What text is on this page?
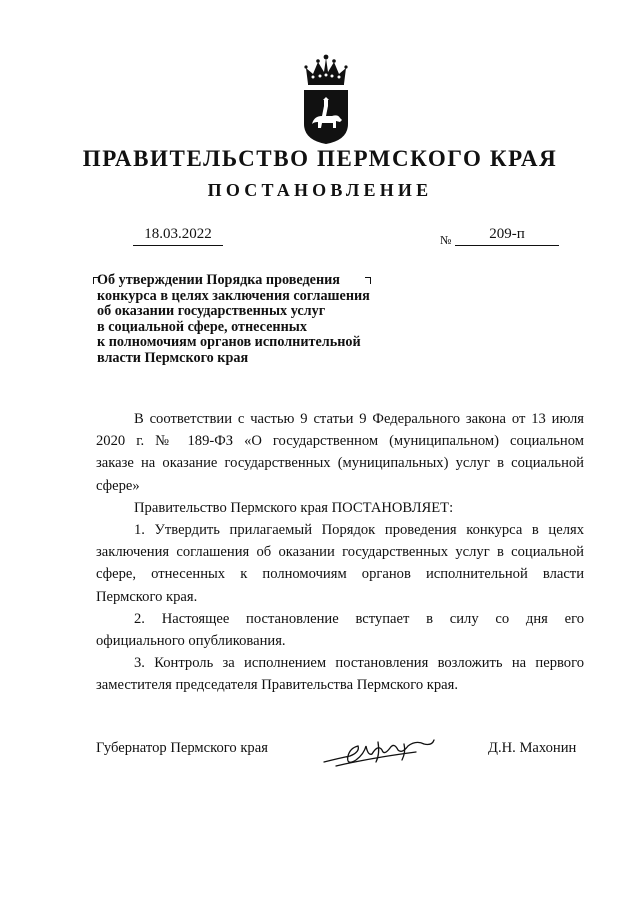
ПРАВИТЕЛЬСТВО ПЕРМСКОГО КРАЯ
ПОСТАНОВЛЕНИЕ
18.03.2022	№	209-п
Об утверждении Порядка проведения
конкурса в целях заключения соглашения
об оказании государственных услуг
в социальной сфере, отнесенных
к полномочиям органов исполнительной
власти Пермского края

В соответствии с частью 9 статьи 9 Федерального закона от 13 июля

2020 г. № 189-ФЗ «О государственном (муниципальном) социальном

заказе на оказание государственных (муниципальных) услуг в социальной

сфере»

Правительство Пермского края ПОСТАНОВЛЯЕТ:

1. Утвердить прилагаемый Порядок проведения конкурса в целях

заключения соглашения об оказании государственных услуг в социальной

сфере, отнесенных к полномочиям органов исполнительной власти

Пермского края.

2. Настоящее постановление вступает в силу со дня его

официального опубликования.

3. Контроль за исполнением постановления возложить на первого

заместителя председателя Правительства Пермского края.

Губернатор Пермского края	Д.Н. Махонин
